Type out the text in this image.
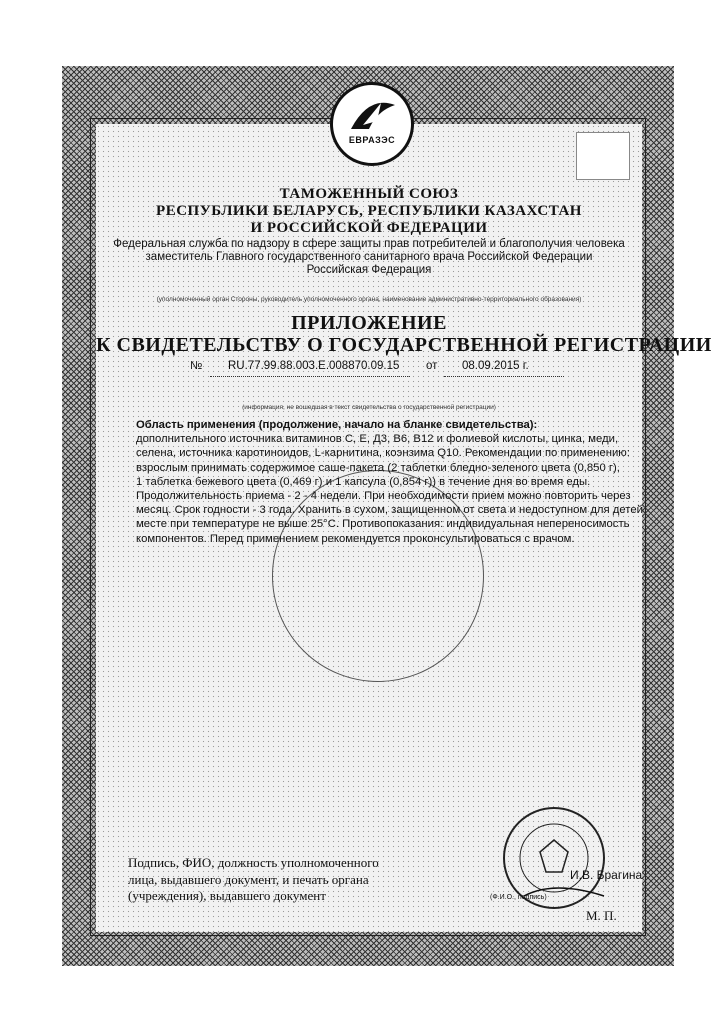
ЕВРАЗЭС
ТАМОЖЕННЫЙ СОЮЗ
РЕСПУБЛИКИ БЕЛАРУСЬ, РЕСПУБЛИКИ КАЗАХСТАН
И РОССИЙСКОЙ ФЕДЕРАЦИИ
Федеральная служба по надзору в сфере защиты прав потребителей и благополучия человека
заместитель Главного государственного санитарного врача Российской Федерации
Российская Федерация
(уполномоченный орган Стороны, руководитель уполномоченного органа, наименование административно-территориального образования)
ПРИЛОЖЕНИЕ
К СВИДЕТЕЛЬСТВУ О ГОСУДАРСТВЕННОЙ РЕГИСТРАЦИИ
№ RU.77.99.88.003.E.008870.09.15 от 08.09.2015 г.
(информация, не вошедшая в текст свидетельства о государственной регистрации)
Область применения (продолжение, начало на бланке свидетельства):
дополнительного источника витаминов С, Е, Д3, В6, В12 и фолиевой кислоты, цинка, меди,
селена, источника каротиноидов, L-карнитина, коэнзима Q10. Рекомендации по применению:
взрослым принимать содержимое саше-пакета (2 таблетки бледно-зеленого цвета (0,850 г),
1 таблетка бежевого цвета (0,469 г) и 1 капсула (0,854 г)) в течение дня во время еды.
Продолжительность приема - 2 - 4 недели. При необходимости прием можно повторить через
месяц. Срок годности - 3 года. Хранить в сухом, защищенном от света и недоступном для детей
месте при температуре не выше 25°С. Противопоказания: индивидуальная непереносимость
компонентов. Перед применением рекомендуется проконсультироваться с врачом.
Подпись, ФИО, должность уполномоченного
лица, выдавшего документ, и печать органа
(учреждения), выдавшего документ
И.В. Брагина
(Ф.И.О., подпись)
М. П.
